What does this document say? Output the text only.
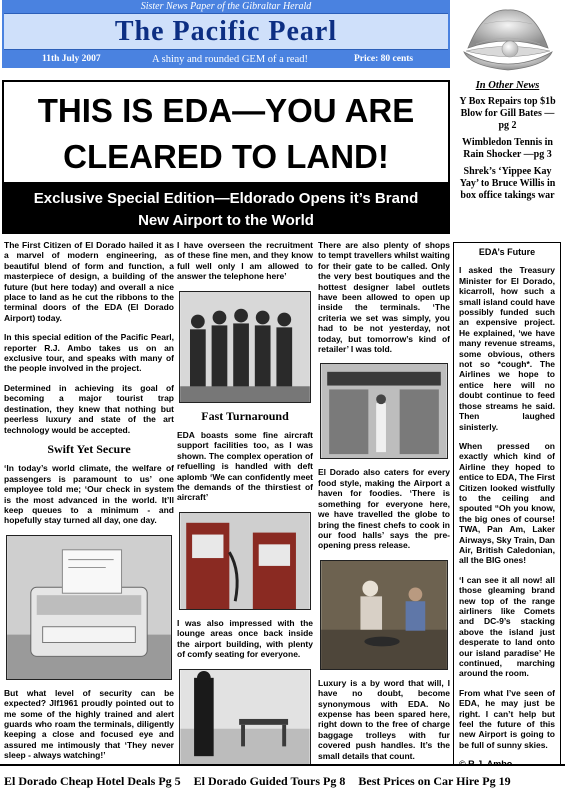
Sister News Paper of the Gibraltar Herald
The Pacific Pearl
11th July 2007	A shiny and rounded GEM of a read!	Price: 80 cents
In Other News
Y Box Repairs top $1b Blow for Gill Bates —pg 2
Wimbledon Tennis in Rain Shocker —pg 3
Shrek’s ‘Yippee Kay Yay’ to Bruce Willis in box office takings war
THIS IS EDA—YOU ARE
CLEARED TO LAND!
Exclusive Special Edition—Eldorado Opens it’s Brand
New Airport to the World

The First Citizen of El Dorado hailed it as a marvel of modern engineering, as beautiful blend of form and function, a masterpiece of design, a building of the future (but here today) and overall a nice place to land as he cut the ribbons to the terminal doors of the EDA (El Dorado Airport) today.

In this special edition of the Pacific Pearl, reporter R.J. Ambo takes us on an exclusive tour, and speaks with many of the people involved in the project.

Determined in achieving its goal of becoming a major tourist trap destination, they knew that nothing but peerless luxury and state of the art technology would be accepted.

Swift Yet Secure

‘In today’s world climate, the welfare of passengers is paramount to us’ one employee told me; ‘Our check in system is the most advanced in the world. It’ll keep queues to a minimum - and hopefully stay turned all day, one day.

But what level of security can be expected? Jlf1961 proudly pointed out to me some of the highly trained and alert guards who roam the terminals, diligently keeping a close and focused eye and assured me intimously that ‘They never sleep - always watching!’

I have overseen the recruitment of these fine men, and they know full well only I am allowed to answer the telephone here’

Fast Turnaround

EDA boasts some fine aircraft support facilities too, as I was shown. The complex operation of refuelling is handled with deft aplomb ‘We can confidently meet the demands of the thirstiest of aircraft’

I was also impressed with the lounge areas once back inside the airport building, with plenty of comfy seating for everyone.

There are also plenty of shops to tempt travellers whilst waiting for their gate to be called. Only the very best boutiques and the hottest designer label outlets have been allowed to open up inside the terminals. ‘The criteria we set was simply, you had to be not yesterday, not today, but tomorrow’s kind of retailer’ I was told.

El Dorado also caters for every food style, making the Airport a haven for foodies. ‘There is something for everyone here, we have travelled the globe to bring the finest chefs to cook in our food halls’ says the pre-opening press release.

Luxury is a by word that will, I have no doubt, become synonymous with EDA. No expense has been spared here, right down to the free of charge baggage trolleys with fur covered push handles. It’s the small details that count.

EDA’s Future

I asked the Treasury Minister for El Dorado, kicarroll, how such a small island could have possibly funded such an expensive project. He explained, ‘we have many revenue streams, some obvious, others not so *cough*. The Airlines we hope to entice here will no doubt continue to feed those streams he said. Then laughed sinisterly.

When pressed on exactly which kind of Airline they hoped to entice to EDA, The First Citizen looked wistfully to the ceiling and spouted “Oh you know, the big ones of course! TWA, Pan Am, Laker Airways, Sky Train, Dan Air, British Caledonian, all the BIG ones!

‘I can see it all now! all those gleaming brand new top of the range airliners like Comets and DC-9’s stacking above the island just desperate to land onto our island paradise’ He continued, marching around the room.

From what I’ve seen of EDA, he may just be right. I can’t help but feel the future of this new Airport is going to be full of sunny skies.

El Dorado Cheap Hotel Deals Pg 5 El Dorado Guided Tours Pg 8 Best Prices on Car Hire Pg 19
